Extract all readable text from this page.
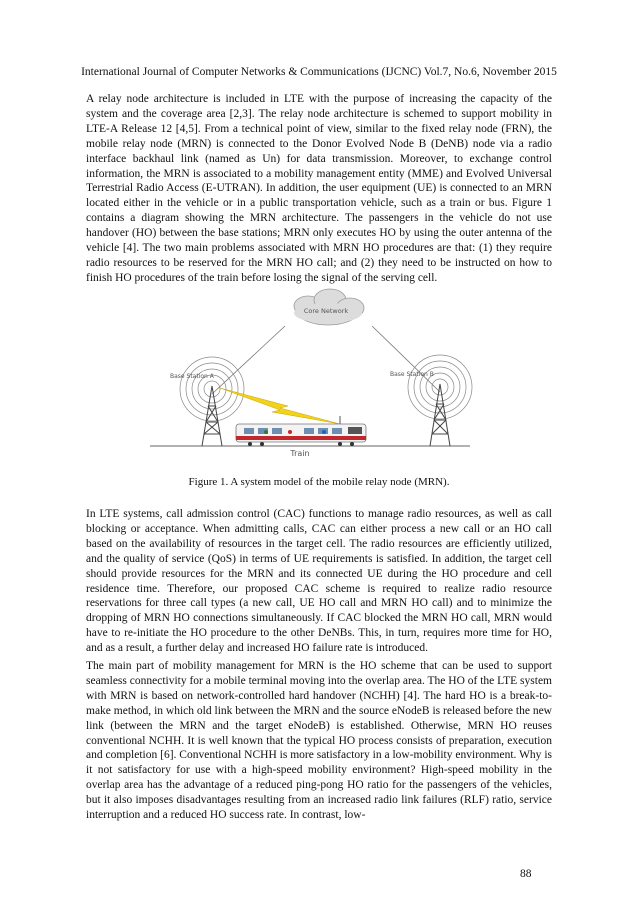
International Journal of Computer Networks & Communications (IJCNC) Vol.7, No.6, November 2015

A relay node architecture is included in LTE with the purpose of increasing the capacity of the system and the coverage area [2,3]. The relay node architecture is schemed to support mobility in LTE-A Release 12 [4,5]. From a technical point of view, similar to the fixed relay node (FRN), the mobile relay node (MRN) is connected to the Donor Evolved Node B (DeNB) node via a radio interface backhaul link (named as Un) for data transmission. Moreover, to exchange control information, the MRN is associated to a mobility management entity (MME) and Evolved Universal Terrestrial Radio Access (E-UTRAN). In addition, the user equipment (UE) is connected to an MRN located either in the vehicle or in a public transportation vehicle, such as a train or bus. Figure 1 contains a diagram showing the MRN architecture. The passengers in the vehicle do not use handover (HO) between the base stations; MRN only executes HO by using the outer antenna of the vehicle [4]. The two main problems associated with MRN HO procedures are that: (1) they require radio resources to be reserved for the MRN HO call; and (2) they need to be instructed on how to finish HO procedures of the train before losing the signal of the serving cell.

Core Network
Base Station A	Base Station B
Train
Figure 1. A system model of the mobile relay node (MRN).

In LTE systems, call admission control (CAC) functions to manage radio resources, as well as call blocking or acceptance. When admitting calls, CAC can either process a new call or an HO call based on the availability of resources in the target cell. The radio resources are efficiently utilized, and the quality of service (QoS) in terms of UE requirements is satisfied. In addition, the target cell should provide resources for the MRN and its connected UE during the HO procedure and cell residence time. Therefore, our proposed CAC scheme is required to realize radio resource reservations for three call types (a new call, UE HO call and MRN HO call) and to minimize the dropping of MRN HO connections simultaneously. If CAC blocked the MRN HO call, MRN would have to re-initiate the HO procedure to the other DeNBs. This, in turn, requires more time for HO, and as a result, a further delay and increased HO failure rate is introduced.

The main part of mobility management for MRN is the HO scheme that can be used to support seamless connectivity for a mobile terminal moving into the overlap area. The HO of the LTE system with MRN is based on network-controlled hard handover (NCHH) [4]. The hard HO is a break-to-make method, in which old link between the MRN and the source eNodeB is released before the new link (between the MRN and the target eNodeB) is established. Otherwise, MRN HO reuses conventional NCHH. It is well known that the typical HO process consists of preparation, execution and completion [6]. Conventional NCHH is more satisfactory in a low-mobility environment. Why is it not satisfactory for use with a high-speed mobility environment? High-speed mobility in the overlap area has the advantage of a reduced ping-pong HO ratio for the passengers of the vehicles, but it also imposes disadvantages resulting from an increased radio link failures (RLF) ratio, service interruption and a reduced HO success rate. In contrast, low-

88
